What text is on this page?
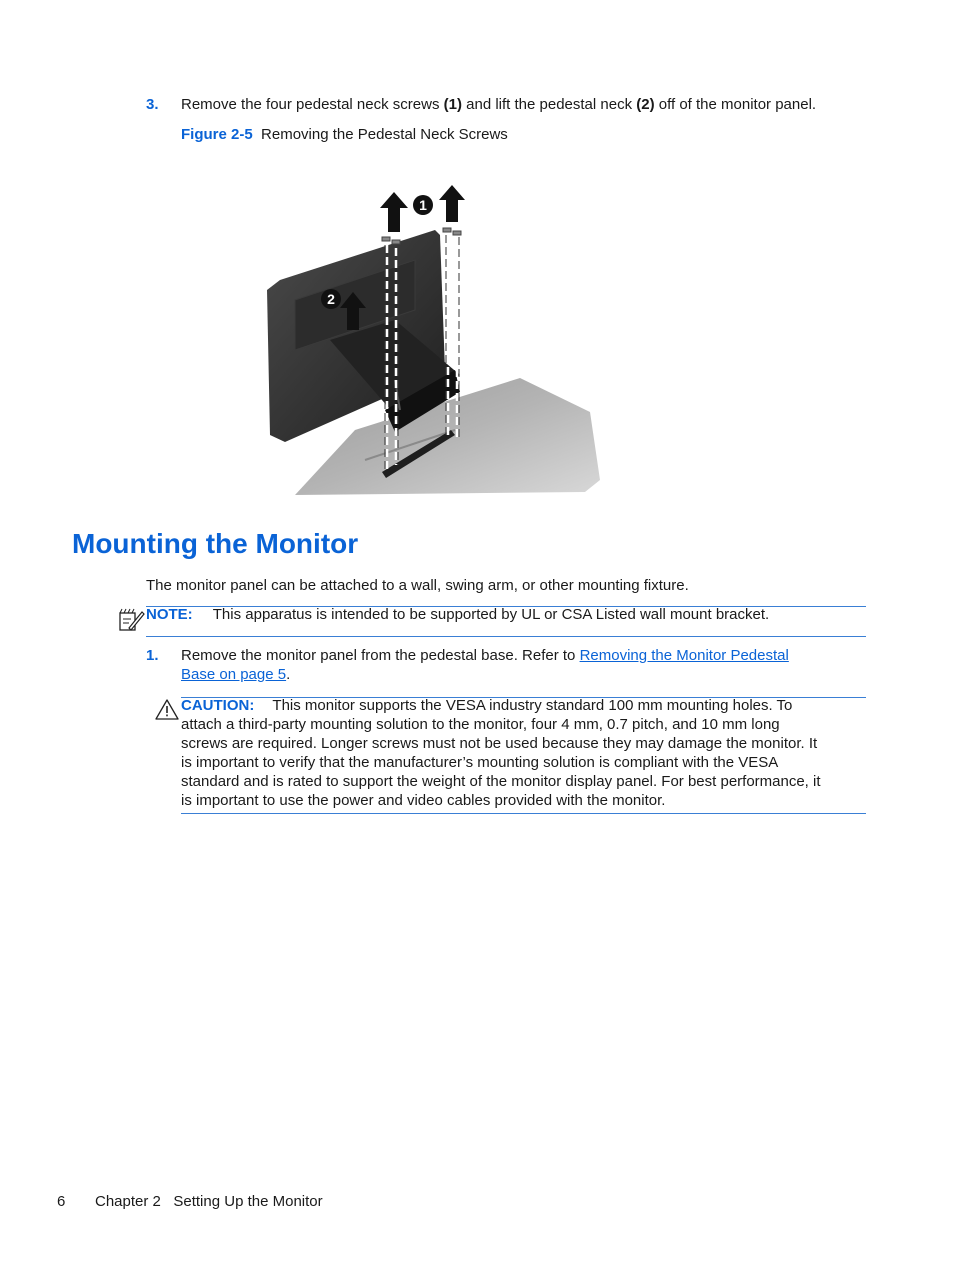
3.	Remove the four pedestal neck screws (1) and lift the pedestal neck (2) off of the monitor panel.
Figure 2-5 Removing the Pedestal Neck Screws
1
2
Mounting the Monitor
The monitor panel can be attached to a wall, swing arm, or other mounting fixture.
NOTE: This apparatus is intended to be supported by UL or CSA Listed wall mount bracket.
1. Remove the monitor panel from the pedestal base. Refer to Removing the Monitor Pedestal
Base on page 5.
CAUTION: This monitor supports the VESA industry standard 100 mm mounting holes. To
attach a third-party mounting solution to the monitor, four 4 mm, 0.7 pitch, and 10 mm long
screws are required. Longer screws must not be used because they may damage the monitor. It
is important to verify that the manufacturer’s mounting solution is compliant with the VESA
standard and is rated to support the weight of the monitor display panel. For best performance, it
is important to use the power and video cables provided with the monitor.
6 Chapter 2   Setting Up the Monitor
